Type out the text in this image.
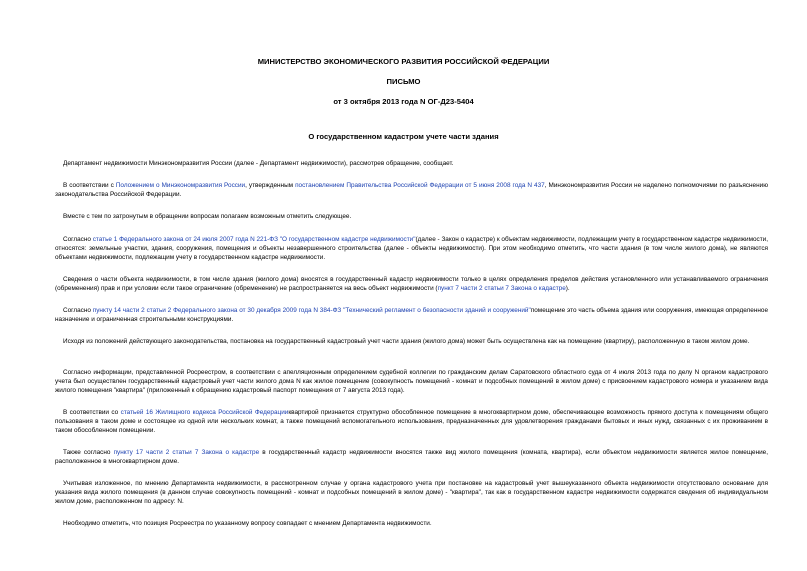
МИНИСТЕРСТВО ЭКОНОМИЧЕСКОГО РАЗВИТИЯ РОССИЙСКОЙ ФЕДЕРАЦИИ
ПИСЬМО
от 3 октября 2013 года N ОГ-Д23-5404
О государственном кадастром учете части здания

Департамент недвижимости Минэкономразвития России (далее - Департамент недвижимости), рассмотрев обращение, сообщает.

В соответствии с Положением о Минэкономразвития России, утвержденным постановлением Правительства Российской Федерации от 5 июня 2008 года N 437, Минэкономразвития России не наделено полномочиями по разъяснению законодательства Российской Федерации.

Вместе с тем по затронутым в обращении вопросам полагаем возможным отметить следующее.

Согласно статье 1 Федерального закона от 24 июля 2007 года N 221-ФЗ "О государственном кадастре недвижимости"(далее - Закон о кадастре) к объектам недвижимости, подлежащим учету в государственном кадастре недвижимости, относятся: земельные участки, здания, сооружения, помещения и объекты незавершенного строительства (далее - объекты недвижимости). При этом необходимо отметить, что части здания (в том числе жилого дома), не являются объектами недвижимости, подлежащим учету в государственном кадастре недвижимости.

Сведения о части объекта недвижимости, в том числе здания (жилого дома) вносятся в государственный кадастр недвижимости только в целях определения пределов действия установленного или устанавливаемого ограничения (обременения) прав и при условии если такое ограничение (обременение) не распространяется на весь объект недвижимости (пункт 7 части 2 статьи 7 Закона о кадастре).

Согласно пункту 14 части 2 статьи 2 Федерального закона от 30 декабря 2009 года N 384-ФЗ "Технический регламент о безопасности зданий и сооружений"помещение это часть объема здания или сооружения, имеющая определенное назначение и ограниченная строительными конструкциями.

Исходя из положений действующего законодательства, постановка на государственный кадастровый учет части здания (жилого дома) может быть осуществлена как на помещение (квартиру), расположенную в таком жилом доме.

Согласно информации, представленной Росреестром, в соответствии с апелляционным определением судебной коллегии по гражданским делам Саратовского областного суда от 4 июля 2013 года по делу N органом кадастрового учета был осуществлен государственный кадастровый учет части жилого дома N как жилое помещение (совокупность помещений - комнат и подсобных помещений в жилом доме) с присвоением кадастрового номера и указанием вида жилого помещения "квартира" (приложенный к обращению кадастровый паспорт помещения от 7 августа 2013 года).

В соответствии со статьей 16 Жилищного кодекса Российской Федерацииквартирой признается структурно обособленное помещение в многоквартирном доме, обеспечивающее возможность прямого доступа к помещениям общего пользования в таком доме и состоящее из одной или нескольких комнат, а также помещений вспомогательного использования, предназначенных для удовлетворения гражданами бытовых и иных нужд, связанных с их проживанием в таком обособленном помещении.

Также согласно пункту 17 части 2 статьи 7 Закона о кадастре в государственный кадастр недвижимости вносятся также вид жилого помещения (комната, квартира), если объектом недвижимости является жилое помещение, расположенное в многоквартирном доме.

Учитывая изложенное, по мнению Департамента недвижимости, в рассмотренном случае у органа кадастрового учета при постановке на кадастровый учет вышеуказанного объекта недвижимости отсутствовало основание для указания вида жилого помещения (в данном случае совокупность помещений - комнат и подсобных помещений в жилом доме) - "квартира", так как в государственном кадастре недвижимости содержатся сведения об индивидуальном жилом доме, расположенном по адресу: N.

Необходимо отметить, что позиция Росреестра по указанному вопросу совпадает с мнением Департамента недвижимости.
